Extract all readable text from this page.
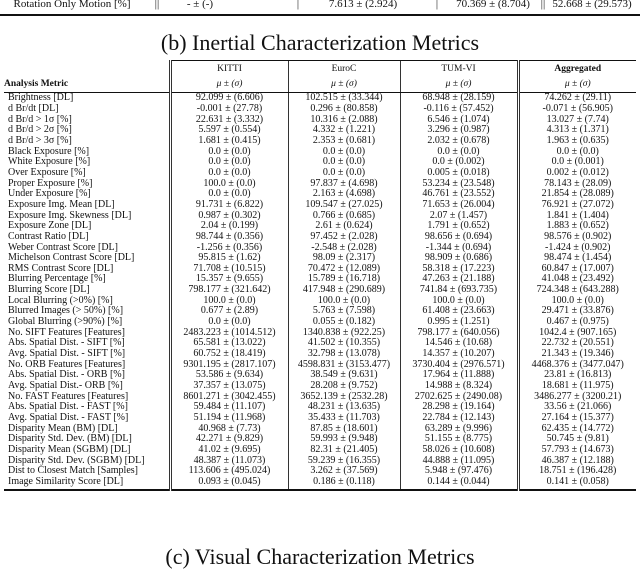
Rotation Only Motion [%] ||	- ± (-)	|	7.613 ± (2.924)	| 70.369 ± (8.704) || 52.668 ± (29.573)
(b) Inertial Characterization Metrics
	KITTI	EuroC	TUM-VI	Aggregated
Analysis Metric	μ ± (σ)	μ ± (σ)	μ ± (σ)	μ ± (σ)
Brightness [DL]	92.099 ± (6.606)	102.515 ± (33.344)	68.948 ± (28.159)	74.262 ± (29.11)
d Br/dt [DL]	-0.001 ± (27.78)	0.296 ± (80.858)	-0.116 ± (57.452)	-0.071 ± (56.905)
d Br/d > 1σ [%]	22.631 ± (3.332)	10.316 ± (2.088)	6.546 ± (1.074)	13.027 ± (7.74)
d Br/d > 2σ [%]	5.597 ± (0.554)	4.332 ± (1.221)	3.296 ± (0.987)	4.313 ± (1.371)
d Br/d > 3σ [%]	1.681 ± (0.415)	2.353 ± (0.681)	2.032 ± (0.678)	1.963 ± (0.635)
Black Exposure [%]	0.0 ± (0.0)	0.0 ± (0.0)	0.0 ± (0.0)	0.0 ± (0.0)
White Exposure [%]	0.0 ± (0.0)	0.0 ± (0.0)	0.0 ± (0.002)	0.0 ± (0.001)
Over Exposure [%]	0.0 ± (0.0)	0.0 ± (0.0)	0.005 ± (0.018)	0.002 ± (0.012)
Proper Exposure [%]	100.0 ± (0.0)	97.837 ± (4.698)	53.234 ± (23.548)	78.143 ± (28.09)
Under Exposure [%]	0.0 ± (0.0)	2.163 ± (4.698)	46.761 ± (23.552)	21.854 ± (28.089)
Exposure Img. Mean [DL]	91.731 ± (6.822)	109.547 ± (27.025)	71.653 ± (26.004)	76.921 ± (27.072)
Exposure Img. Skewness [DL]	0.987 ± (0.302)	0.766 ± (0.685)	2.07 ± (1.457)	1.841 ± (1.404)
Exposure Zone [DL]	2.04 ± (0.199)	2.61 ± (0.624)	1.791 ± (0.652)	1.883 ± (0.652)
Contrast Ratio [DL]	98.744 ± (0.356)	97.452 ± (2.028)	98.656 ± (0.694)	98.576 ± (0.902)
Weber Contrast Score [DL]	-1.256 ± (0.356)	-2.548 ± (2.028)	-1.344 ± (0.694)	-1.424 ± (0.902)
Michelson Contrast Score [DL]	95.815 ± (1.62)	98.09 ± (2.317)	98.909 ± (0.686)	98.474 ± (1.454)
RMS Contrast Score [DL]	71.708 ± (10.515)	70.472 ± (12.089)	58.318 ± (17.223)	60.847 ± (17.007)
Blurring Percentage [%]	15.357 ± (9.655)	15.789 ± (16.718)	47.263 ± (21.188)	41.048 ± (23.492)
Blurring Score [DL]	798.177 ± (321.642)	417.948 ± (290.689)	741.84 ± (693.735)	724.348 ± (643.288)
Local Blurring (>0%) [%]	100.0 ± (0.0)	100.0 ± (0.0)	100.0 ± (0.0)	100.0 ± (0.0)
Blurred Images (> 50%) [%]	0.677 ± (2.89)	5.763 ± (7.598)	61.408 ± (23.663)	29.471 ± (33.876)
Global Blurring (>90%) [%]	0.0 ± (0.0)	0.055 ± (0.182)	0.995 ± (1.251)	0.467 ± (0.975)
No. SIFT Features [Features]	2483.223 ± (1014.512)	1340.838 ± (922.25)	798.177 ± (640.056)	1042.4 ± (907.165)
Abs. Spatial Dist. - SIFT [%]	65.581 ± (13.022)	41.502 ± (10.355)	14.546 ± (10.68)	22.732 ± (20.551)
Avg. Spatial Dist. - SIFT [%]	60.752 ± (18.419)	32.798 ± (13.078)	14.357 ± (10.207)	21.343 ± (19.346)
No. ORB Features [Features]	9301.195 ± (2817.107)	4598.831 ± (3153.477)	3730.404 ± (2976.571)	4468.376 ± (3477.047)
Abs. Spatial Dist. - ORB [%]	53.586 ± (9.634)	38.549 ± (9.631)	17.964 ± (11.888)	23.81 ± (16.813)
Avg. Spatial Dist.- ORB [%]	37.357 ± (13.075)	28.208 ± (9.752)	14.988 ± (8.324)	18.681 ± (11.975)
No. FAST Features [Features]	8601.271 ± (3042.455)	3652.139 ± (2532.28)	2702.625 ± (2490.08)	3486.277 ± (3200.21)
Abs. Spatial Dist. - FAST [%]	59.484 ± (11.107)	48.231 ± (13.635)	28.298 ± (19.164)	33.56 ± (21.066)
Avg. Spatial Dist. - FAST [%]	51.194 ± (11.968)	35.433 ± (11.703)	22.784 ± (12.143)	27.164 ± (15.377)
Disparity Mean (BM) [DL]	40.968 ± (7.73)	87.85 ± (18.601)	63.289 ± (9.996)	62.435 ± (14.772)
Disparity Std. Dev. (BM) [DL]	42.271 ± (9.829)	59.993 ± (9.948)	51.155 ± (8.775)	50.745 ± (9.81)
Disparity Mean (SGBM) [DL]	41.02 ± (9.695)	82.31 ± (21.405)	58.026 ± (10.608)	57.793 ± (14.673)
Disparity Std. Dev. (SGBM) [DL]	48.387 ± (11.073)	59.239 ± (16.355)	44.888 ± (11.095)	46.387 ± (12.188)
Dist to Closest Match [Samples]	113.606 ± (495.024)	3.262 ± (37.569)	5.948 ± (97.476)	18.751 ± (196.428)
Image Similarity Score [DL]	0.093 ± (0.045)	0.186 ± (0.118)	0.144 ± (0.044)	0.141 ± (0.058)
(c) Visual Characterization Metrics
